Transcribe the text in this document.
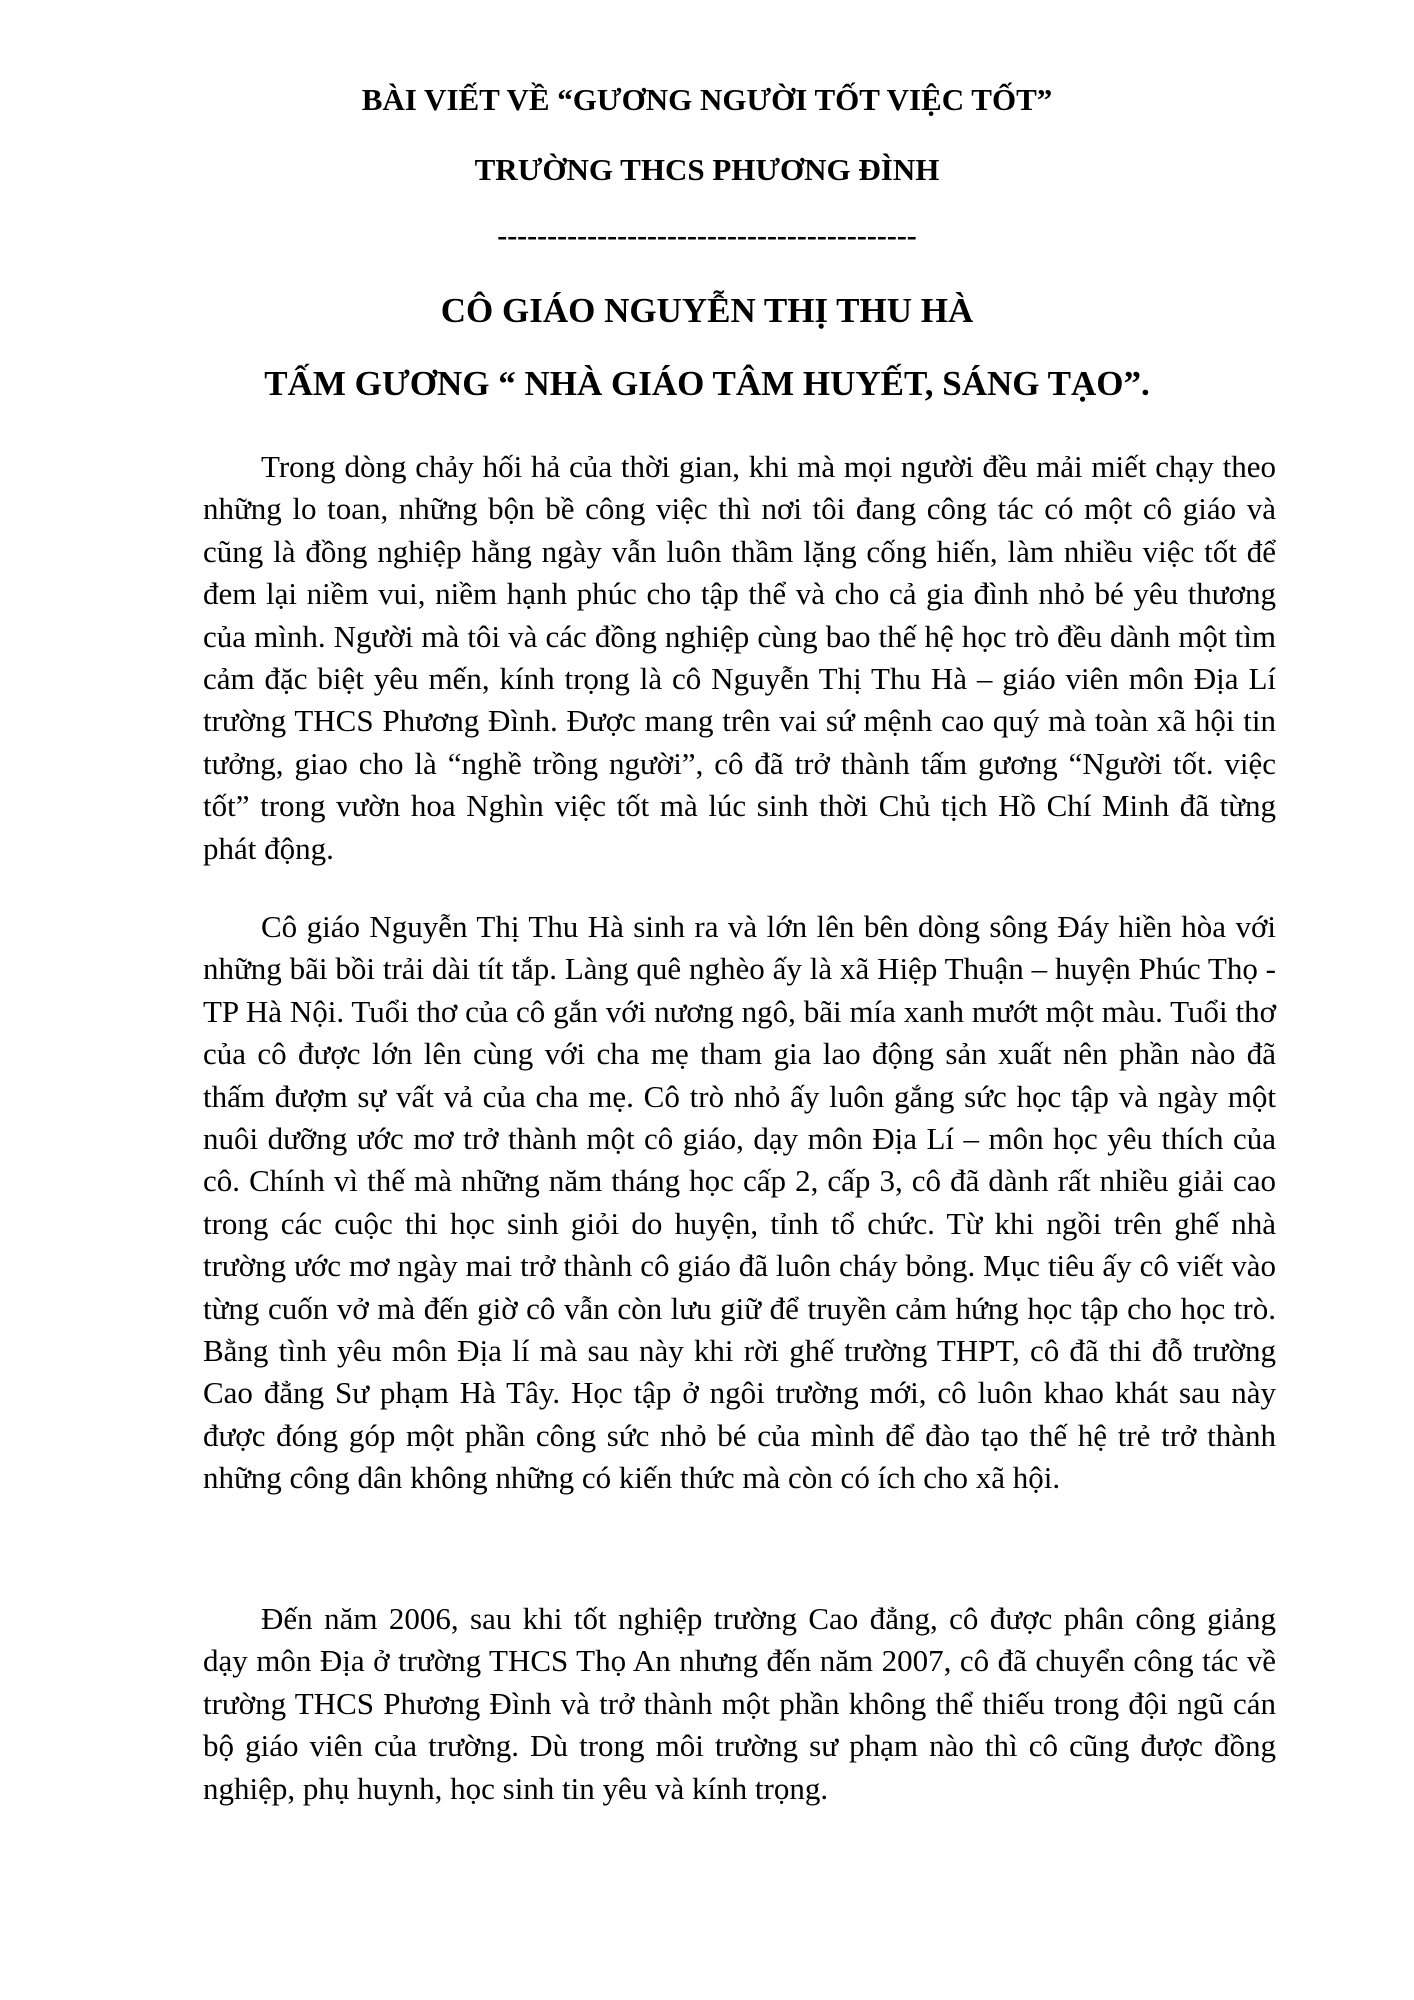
BÀI VIẾT VỀ “GƯƠNG NGƯỜI TỐT VIỆC TỐT”
TRƯỜNG THCS PHƯƠNG ĐÌNH
------------------------------------------
CÔ GIÁO NGUYỄN THỊ THU HÀ
TẤM GƯƠNG “ NHÀ GIÁO TÂM HUYẾT, SÁNG TẠO”.

Trong dòng chảy hối hả của thời gian, khi mà mọi người đều mải miết chạy theo những lo toan, những bộn bề công việc thì nơi tôi đang công tác có một cô giáo và cũng là đồng nghiệp hằng ngày vẫn luôn thầm lặng cống hiến, làm nhiều việc tốt để đem lại niềm vui, niềm hạnh phúc cho tập thể và cho cả gia đình nhỏ bé yêu thương của mình. Người mà tôi và các đồng nghiệp cùng bao thế hệ học trò đều dành một tìm cảm đặc biệt yêu mến, kính trọng là cô Nguyễn Thị Thu Hà – giáo viên môn Địa Lí trường THCS Phương Đình. Được mang trên vai sứ mệnh cao quý mà toàn xã hội tin tưởng, giao cho là “nghề trồng người”, cô đã trở thành tấm gương “Người tốt. việc tốt” trong vườn hoa Nghìn việc tốt mà lúc sinh thời Chủ tịch Hồ Chí Minh đã từng phát động.

Cô giáo Nguyễn Thị Thu Hà sinh ra và lớn lên bên dòng sông Đáy hiền hòa với những bãi bồi trải dài tít tắp. Làng quê nghèo ấy là xã Hiệp Thuận – huyện Phúc Thọ - TP Hà Nội. Tuổi thơ của cô gắn với nương ngô, bãi mía xanh mướt một màu. Tuổi thơ của cô được lớn lên cùng với cha mẹ tham gia lao động sản xuất nên phần nào đã thấm đượm sự vất vả của cha mẹ. Cô trò nhỏ ấy luôn gắng sức học tập và ngày một nuôi dưỡng ước mơ trở thành một cô giáo, dạy môn Địa Lí – môn học yêu thích của cô. Chính vì thế mà những năm tháng học cấp 2, cấp 3, cô đã dành rất nhiều giải cao trong các cuộc thi học sinh giỏi do huyện, tỉnh tổ chức. Từ khi ngồi trên ghế nhà trường ước mơ ngày mai trở thành cô giáo đã luôn cháy bỏng. Mục tiêu ấy cô viết vào từng cuốn vở mà đến giờ cô vẫn còn lưu giữ để truyền cảm hứng học tập cho học trò. Bằng tình yêu môn Địa lí mà sau này khi rời ghế trường THPT, cô đã thi đỗ trường Cao đẳng Sư phạm Hà Tây. Học tập ở ngôi trường mới, cô luôn khao khát sau này được đóng góp một phần công sức nhỏ bé của mình để đào tạo thế hệ trẻ trở thành những công dân không những có kiến thức mà còn có ích cho xã hội.

Đến năm 2006, sau khi tốt nghiệp trường Cao đẳng, cô được phân công giảng dạy môn Địa ở trường THCS Thọ An nhưng đến năm 2007, cô đã chuyển công tác về trường THCS Phương Đình và trở thành một phần không thể thiếu trong đội ngũ cán bộ giáo viên của trường. Dù trong môi trường sư phạm nào thì cô cũng được đồng nghiệp, phụ huynh, học sinh tin yêu và kính trọng.
